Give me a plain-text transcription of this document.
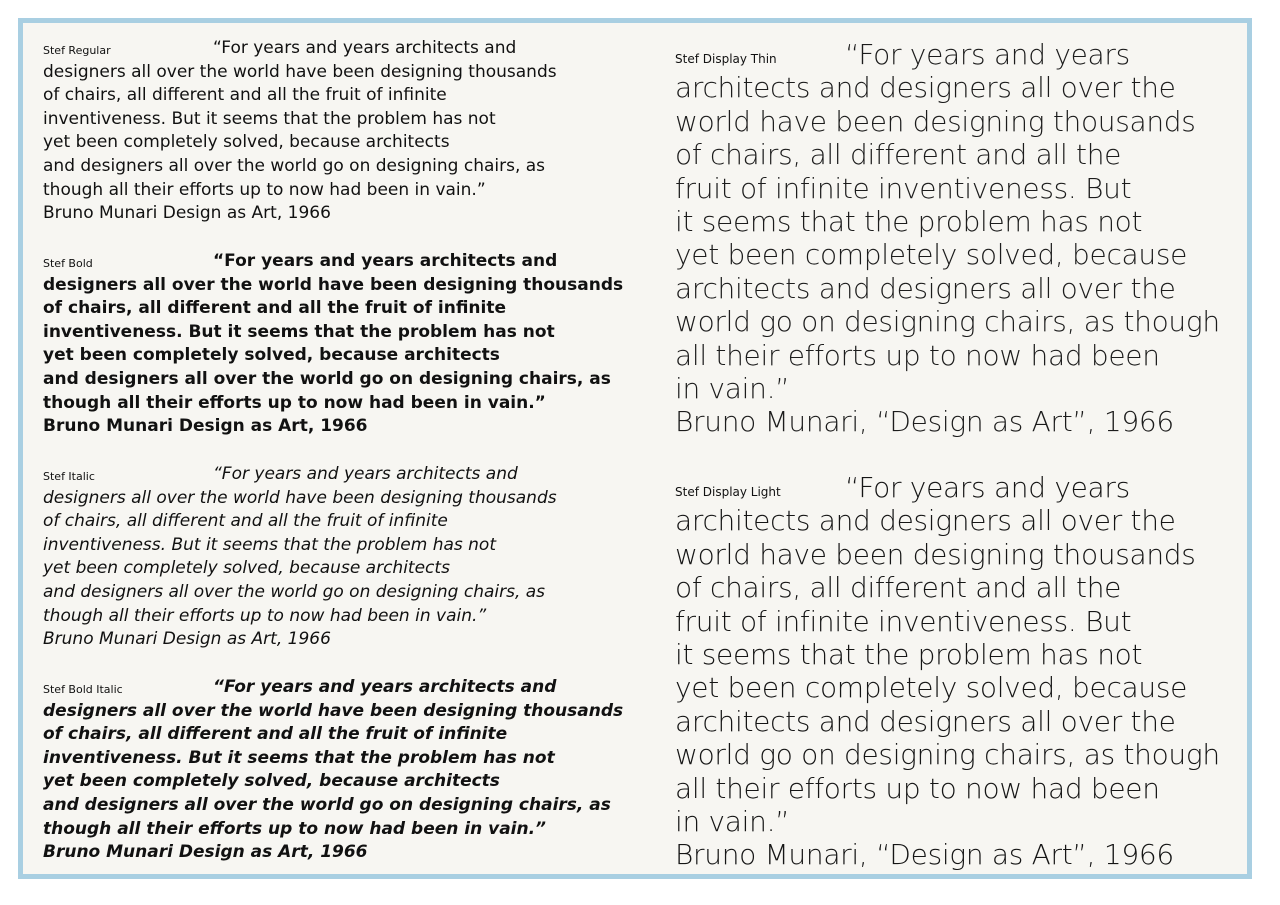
Stef Regular	“For years and years architects and
designers all over the world have been designing thousands
of chairs, all different and all the fruit of infinite
inventiveness. But it seems that the problem has not
yet been completely solved, because architects
and designers all over the world go on designing chairs, as
though all their efforts up to now had been in vain.”
Bruno Munari Design as Art, 1966

Stef Bold	“For years and years architects and
designers all over the world have been designing thousands
of chairs, all different and all the fruit of infinite
inventiveness. But it seems that the problem has not
yet been completely solved, because architects
and designers all over the world go on designing chairs, as
though all their efforts up to now had been in vain.”
Bruno Munari Design as Art, 1966

Stef Italic	“For years and years architects and
designers all over the world have been designing thousands
of chairs, all different and all the fruit of infinite
inventiveness. But it seems that the problem has not
yet been completely solved, because architects
and designers all over the world go on designing chairs, as
though all their efforts up to now had been in vain.”
Bruno Munari Design as Art, 1966

Stef Bold Italic	“For years and years architects and
designers all over the world have been designing thousands
of chairs, all different and all the fruit of infinite
inventiveness. But it seems that the problem has not
yet been completely solved, because architects
and designers all over the world go on designing chairs, as
though all their efforts up to now had been in vain.”
Bruno Munari Design as Art, 1966

Stef Display Thin	“For years and years
architects and designers all over the
world have been designing thousands
of chairs, all different and all the
fruit of infinite inventiveness. But
it seems that the problem has not
yet been completely solved, because
architects and designers all over the
world go on designing chairs, as though
all their efforts up to now had been
in vain.”
Bruno Munari, “Design as Art”, 1966

Stef Display Light	“For years and years
architects and designers all over the
world have been designing thousands
of chairs, all different and all the
fruit of infinite inventiveness. But
it seems that the problem has not
yet been completely solved, because
architects and designers all over the
world go on designing chairs, as though
all their efforts up to now had been
in vain.”
Bruno Munari, “Design as Art”, 1966
